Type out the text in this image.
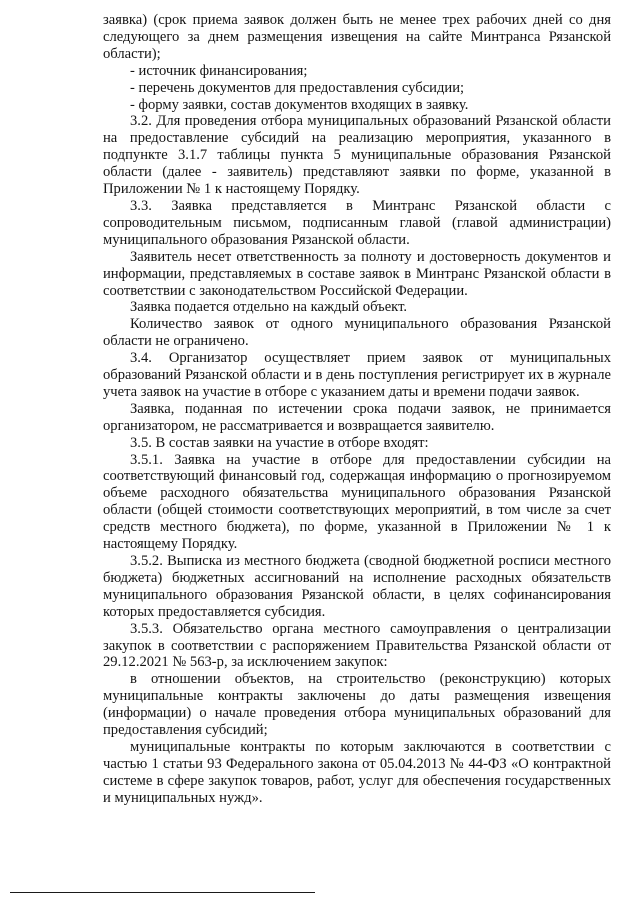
заявка) (срок приема заявок должен быть не менее трех рабочих дней со дня следующего за днем размещения извещения на сайте Минтранса Рязанской области);

- источник финансирования;

- перечень документов для предоставления субсидии;

- форму заявки, состав документов входящих в заявку.

3.2. Для проведения отбора муниципальных образований Рязанской области на предоставление субсидий на реализацию мероприятия, указанного в подпункте 3.1.7 таблицы пункта 5 муниципальные образования Рязанской области (далее - заявитель) представляют заявки по форме, указанной в Приложении № 1 к настоящему Порядку.

3.3. Заявка представляется в Минтранс Рязанской области с сопроводительным письмом, подписанным главой (главой администрации) муниципального образования Рязанской области.

Заявитель несет ответственность за полноту и достоверность документов и информации, представляемых в составе заявок в Минтранс Рязанской области в соответствии с законодательством Российской Федерации.

Заявка подается отдельно на каждый объект.

Количество заявок от одного муниципального образования Рязанской области не ограничено.

3.4. Организатор осуществляет прием заявок от муниципальных образований Рязанской области и в день поступления регистрирует их в журнале учета заявок на участие в отборе с указанием даты и времени подачи заявок.

Заявка, поданная по истечении срока подачи заявок, не принимается организатором, не рассматривается и возвращается заявителю.

3.5. В состав заявки на участие в отборе входят:

3.5.1. Заявка на участие в отборе для предоставлении субсидии на соответствующий финансовый год, содержащая информацию о прогнозируемом объеме расходного обязательства муниципального образования Рязанской области (общей стоимости соответствующих мероприятий, в том числе за счет средств местного бюджета), по форме, указанной в Приложении № 1 к настоящему Порядку.

3.5.2. Выписка из местного бюджета (сводной бюджетной росписи местного бюджета) бюджетных ассигнований на исполнение расходных обязательств муниципального образования Рязанской области, в целях софинансирования которых предоставляется субсидия.

3.5.3. Обязательство органа местного самоуправления о централизации закупок в соответствии с распоряжением Правительства Рязанской области от 29.12.2021 № 563-р, за исключением закупок:

в отношении объектов, на строительство (реконструкцию) которых муниципальные контракты заключены до даты размещения извещения (информации) о начале проведения отбора муниципальных образований для предоставления субсидий;

муниципальные контракты по которым заключаются в соответствии с частью 1 статьи 93 Федерального закона от 05.04.2013 № 44-ФЗ «О контрактной системе в сфере закупок товаров, работ, услуг для обеспечения государственных и муниципальных нужд».
